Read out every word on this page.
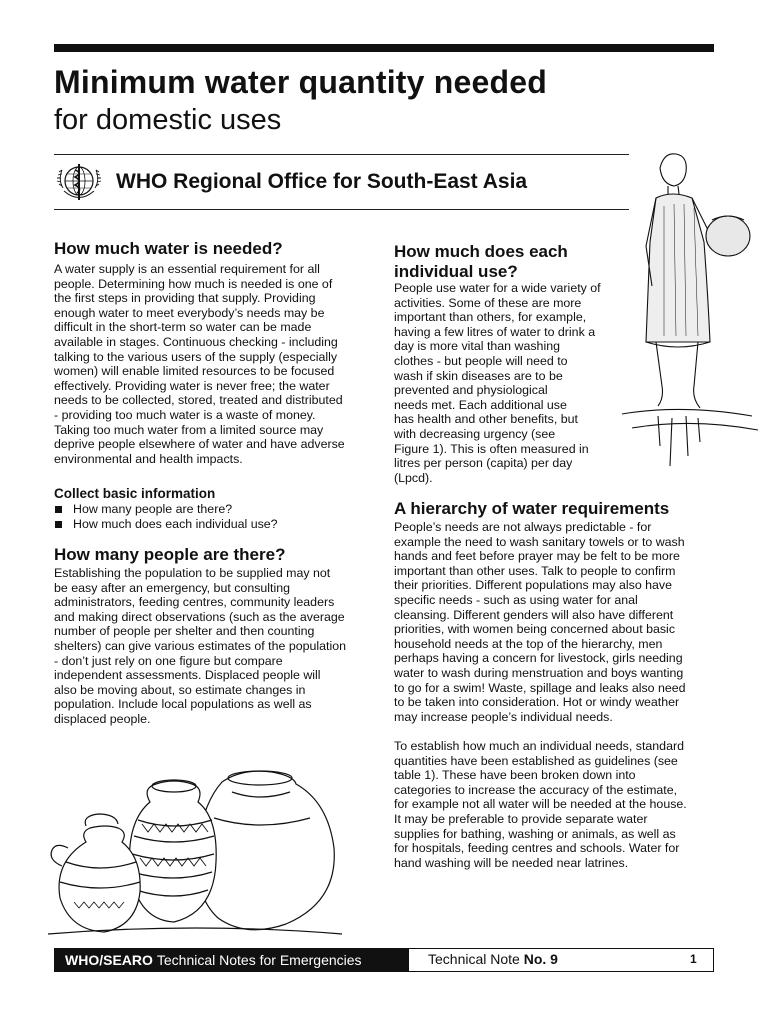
Minimum water quantity needed
for domestic uses
WHO Regional Office for South-East Asia
How much water is needed?
A water supply is an essential requirement for all
people. Determining how much is needed is one of
the first steps in providing that supply. Providing
enough water to meet everybody’s needs may be
difficult in the short-term so water can be made
available in stages. Continuous checking - including
talking to the various users of the supply (especially
women) will enable limited resources to be focused
effectively. Providing water is never free; the water
needs to be collected, stored, treated and distributed
- providing too much water is a waste of money.
Taking too much water from a limited source may
deprive people elsewhere of water and have adverse
environmental and health impacts.
Collect basic information
How many people are there?
How much does each individual use?
How many people are there?
Establishing the population to be supplied may not
be easy after an emergency, but consulting
administrators, feeding centres, community leaders
and making direct observations (such as the average
number of people per shelter and then counting
shelters) can give various estimates of the population
- don’t just rely on one figure but compare
independent assessments. Displaced people will
also be moving about, so estimate changes in
population. Include local populations as well as
displaced people.
How much does each
individual use?
People use water for a wide variety of
activities. Some of these are more
important than others, for example,
having a few litres of water to drink a
day is more vital than washing
clothes - but people will need to
wash if skin diseases are to be
prevented and physiological
needs met. Each additional use
has health and other benefits, but
with decreasing urgency (see
Figure 1). This is often measured in
litres per person (capita) per day
(Lpcd).
A hierarchy of water requirements
People’s needs are not always predictable - for
example the need to wash sanitary towels or to wash
hands and feet before prayer may be felt to be more
important than other uses. Talk to people to confirm
their priorities. Different populations may also have
specific needs - such as using water for anal
cleansing. Different genders will also have different
priorities, with women being concerned about basic
household needs at the top of the hierarchy, men
perhaps having a concern for livestock, girls needing
water to wash during menstruation and boys wanting
to go for a swim! Waste, spillage and leaks also need
to be taken into consideration. Hot or windy weather
may increase people’s individual needs.
To establish how much an individual needs, standard
quantities have been established as guidelines (see
table 1). These have been broken down into
categories to increase the accuracy of the estimate,
for example not all water will be needed at the house.
It may be preferable to provide separate water
supplies for bathing, washing or animals, as well as
for hospitals, feeding centres and schools. Water for
hand washing will be needed near latrines.
WHO/SEARO Technical Notes for Emergencies	Technical Note No. 9	1
